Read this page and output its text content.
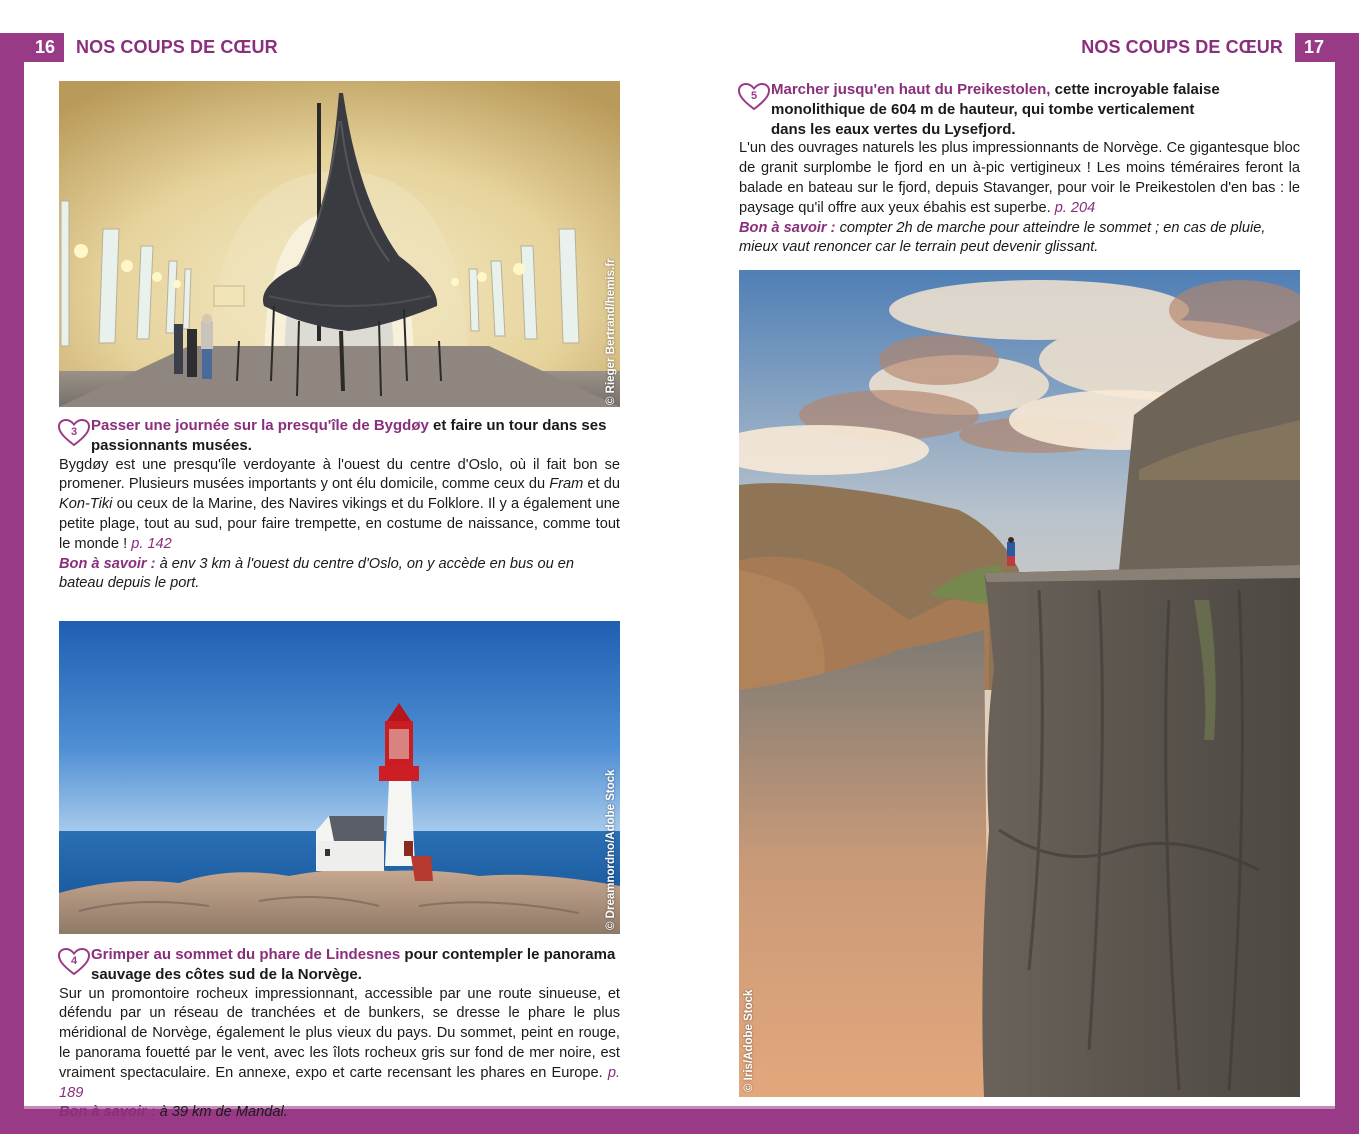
16	NOS COUPS DE CŒUR	NOS COUPS DE CŒUR	17
© Rieger Bertrand/hemis.fr
3 Passer une journée sur la presqu'île de Bygdøy et faire un tour dans ses passionnants musées.
Bygdøy est une presqu'île verdoyante à l'ouest du centre d'Oslo, où il fait bon se promener. Plusieurs musées importants y ont élu domicile, comme ceux du Fram et du Kon-Tiki ou ceux de la Marine, des Navires vikings et du Folklore. Il y a également une petite plage, tout au sud, pour faire trempette, en costume de naissance, comme tout le monde ! p. 142
Bon à savoir : à env 3 km à l'ouest du centre d'Oslo, on y accède en bus ou en bateau depuis le port.
© Dreamnordno/Adobe Stock
4 Grimper au sommet du phare de Lindesnes pour contempler le panorama sauvage des côtes sud de la Norvège.
Sur un promontoire rocheux impressionnant, accessible par une route sinueuse, et défendu par un réseau de tranchées et de bunkers, se dresse le phare le plus méridional de Norvège, également le plus vieux du pays. Du sommet, peint en rouge, le panorama fouetté par le vent, avec les îlots rocheux gris sur fond de mer noire, est vraiment spectaculaire. En annexe, expo et carte recensant les phares en Europe. p. 189
Bon à savoir : à 39 km de Mandal.
5 Marcher jusqu'en haut du Preikestolen, cette incroyable falaise monolithique de 604 m de hauteur, qui tombe verticalement dans les eaux vertes du Lysefjord.
L'un des ouvrages naturels les plus impressionnants de Norvège. Ce gigantesque bloc de granit surplombe le fjord en un à-pic vertigineux ! Les moins téméraires feront la balade en bateau sur le fjord, depuis Stavanger, pour voir le Preikestolen d'en bas : le paysage qu'il offre aux yeux ébahis est superbe. p. 204
Bon à savoir : compter 2h de marche pour atteindre le sommet ; en cas de pluie, mieux vaut renoncer car le terrain peut devenir glissant.
© Iris/Adobe Stock
